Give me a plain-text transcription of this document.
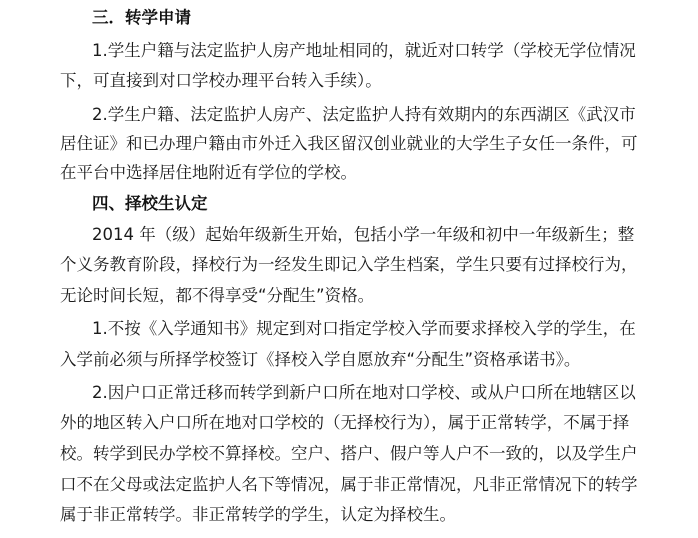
三．转学申请
1.学生户籍与法定监护人房产地址相同的，就近对口转学（学校无学位情况
下，可直接到对口学校办理平台转入手续）。
2.学生户籍、法定监护人房产、法定监护人持有效期内的东西湖区《武汉市
居住证》和已办理户籍由市外迁入我区留汉创业就业的大学生子女任一条件，可
在平台中选择居住地附近有学位的学校。
四、择校生认定
2014 年（级）起始年级新生开始，包括小学一年级和初中一年级新生；整
个义务教育阶段，择校行为一经发生即记入学生档案，学生只要有过择校行为，
无论时间长短，都不得享受“分配生”资格。
1.不按《入学通知书》规定到对口指定学校入学而要求择校入学的学生，在
入学前必须与所择学校签订《择校入学自愿放弃“分配生”资格承诺书》。
2.因户口正常迁移而转学到新户口所在地对口学校、或从户口所在地辖区以
外的地区转入户口所在地对口学校的（无择校行为），属于正常转学，不属于择
校。转学到民办学校不算择校。空户、搭户、假户等人户不一致的，以及学生户
口不在父母或法定监护人名下等情况，属于非正常情况，凡非正常情况下的转学
属于非正常转学。非正常转学的学生，认定为择校生。
